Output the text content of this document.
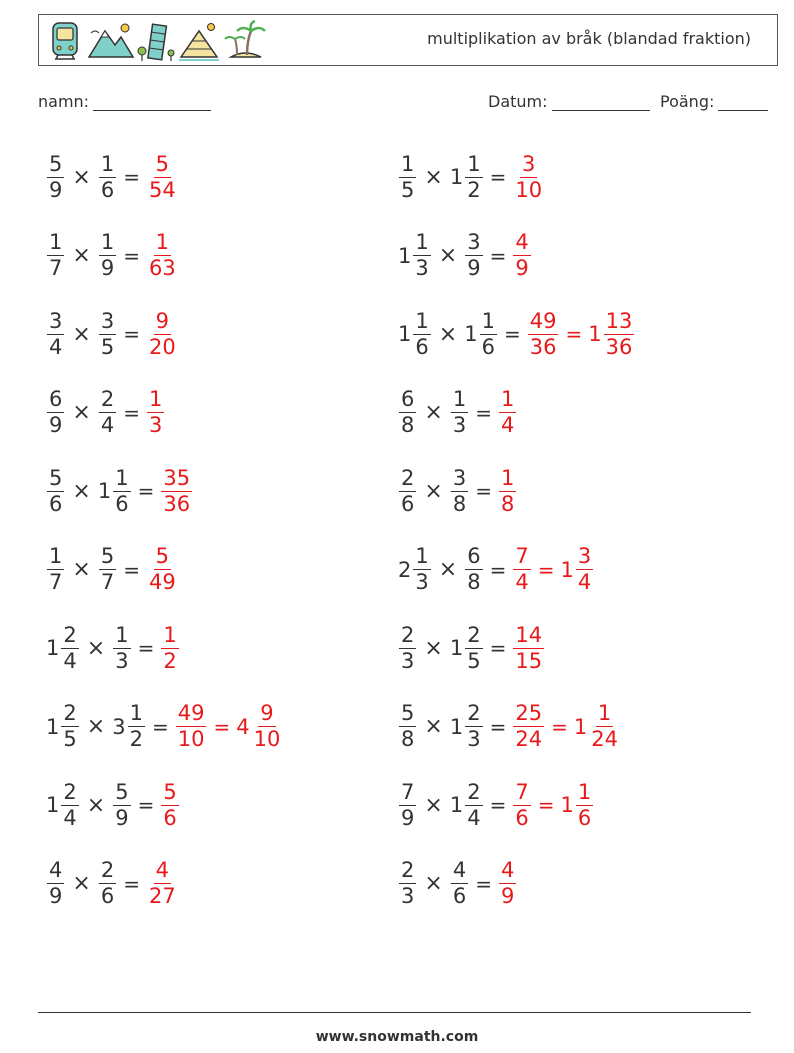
multiplikation av bråk (blandad fraktion)
namn:	Datum:	Poäng:
$\frac{5}{9} \times \frac{1}{6} = \frac{5}{54}$	$\frac{1}{5} \times 1 \frac{1}{2} = \frac{3}{10}$
$\frac{1}{7} \times \frac{1}{9} = \frac{1}{63}$	$1 \frac{1}{3} \times \frac{3}{9} = \frac{4}{9}$
$\frac{3}{4} \times \frac{3}{5} = \frac{9}{20}$	$1 \frac{1}{6} \times 1 \frac{1}{6} = \frac{49}{36} = 1 \frac{13}{36}$
$\frac{6}{9} \times \frac{2}{4} = \frac{1}{3}$	$\frac{6}{8} \times \frac{1}{3} = \frac{1}{4}$
$\frac{5}{6} \times 1 \frac{1}{6} = \frac{35}{36}$	$\frac{2}{6} \times \frac{3}{8} = \frac{1}{8}$
$\frac{1}{7} \times \frac{5}{7} = \frac{5}{49}$	$2 \frac{1}{3} \times \frac{6}{8} = \frac{7}{4} = 1 \frac{3}{4}$
$1 \frac{2}{4} \times \frac{1}{3} = \frac{1}{2}$	$\frac{2}{3} \times 1 \frac{2}{5} = \frac{14}{15}$
$1 \frac{2}{5} \times 3 \frac{1}{2} = \frac{49}{10} = 4 \frac{9}{10}$	$\frac{5}{8} \times 1 \frac{2}{3} = \frac{25}{24} = 1 \frac{1}{24}$
$1 \frac{2}{4} \times \frac{5}{9} = \frac{5}{6}$	$\frac{7}{9} \times 1 \frac{2}{4} = \frac{7}{6} = 1 \frac{1}{6}$
$\frac{4}{9} \times \frac{2}{6} = \frac{4}{27}$	$\frac{2}{3} \times \frac{4}{6} = \frac{4}{9}$
www.snowmath.com
